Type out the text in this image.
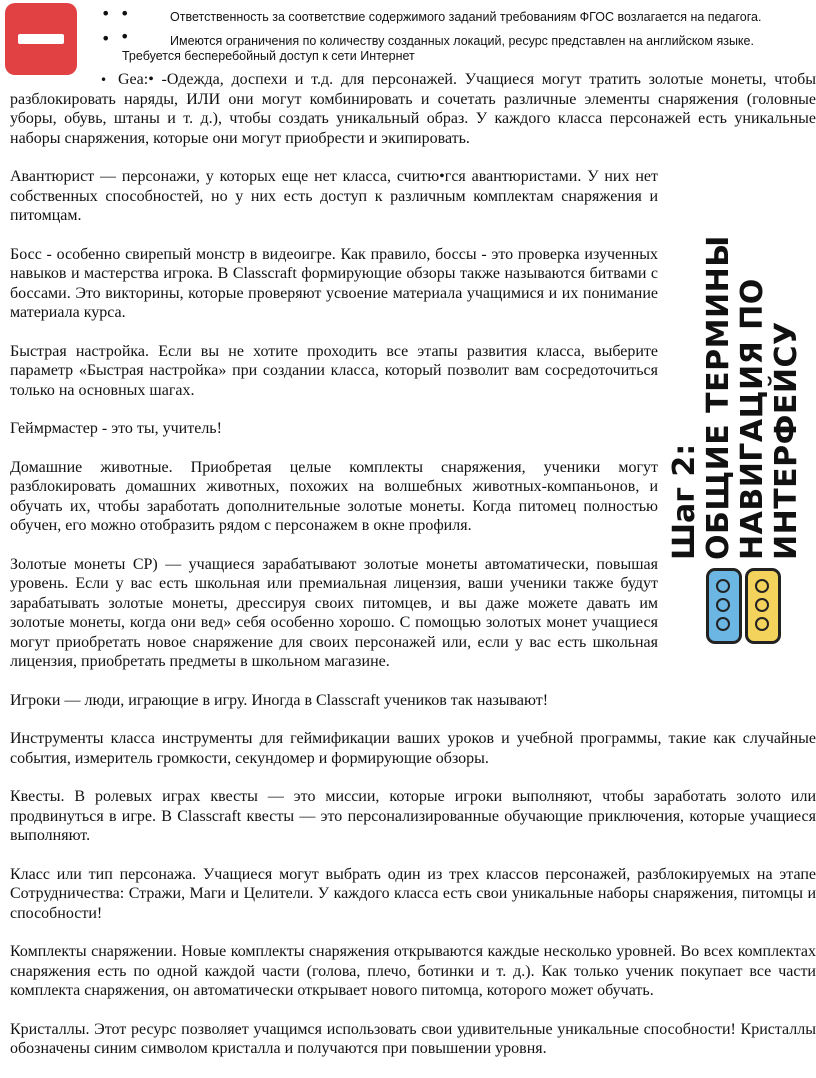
• •	Ответственность за соответствие содержимого заданий требованиям ФГОС возлагается на педагога.
• •	Имеются ограничения по количеству созданных локаций, ресурс представлен на английском языке.
Требуется бесперебойный доступ к сети Интернет
• Gea:• -Одежда, доспехи и т.д. для персонажей. Учащиеся могут тратить золотые монеты, чтобы разблокировать наряды, ИЛИ они могут комбинировать и сочетать различные элементы снаряжения (головные уборы, обувь, штаны и т. д.), чтобы создать уникальный образ. У каждого класса персонажей есть уникальные наборы снаряжения, которые они могут приобрести и экипировать.

Авантюрист — персонажи, у которых еще нет класса, считю•гся авантюристами. У них нет собственных способностей, но у них есть доступ к различным комплектам снаряжения и питомцам.

Босс - особенно свирепый монстр в видеоигре. Как правило, боссы - это проверка изученных навыков и мастерства игрока. В Classcraft формирующие обзоры также называются битвами с боссами. Это викторины, которые проверяют усвоение материала учащимися и их понимание материала курса.

Быстрая настройка. Если вы не хотите проходить все этапы развития класса, выберите параметр «Быстрая настройка» при создании класса, который позволит вам сосредоточиться только на основных шагах.

Геймрмастер - это ты, учитель!

Домашние животные. Приобретая целые комплекты снаряжения, ученики могут разблокировать домашних животных, похожих на волшебных животных-компаньонов, и обучать их, чтобы заработать дополнительные золотые монеты. Когда питомец полностью обучен, его можно отобразить рядом с персонажем в окне профиля.

Золотые монеты СР) — учащиеся зарабатывают золотые монеты автоматически, повышая уровень. Если у вас есть школьная или премиальная лицензия, ваши ученики также будут зарабатывать золотые монеты, дрессируя своих питомцев, и вы даже можете давать им золотые монеты, когда они вед» себя особенно хорошо. С помощью золотых монет учащиеся могут приобретать новое снаряжение для своих персонажей или, если у вас есть школьная лицензия, приобретать предметы в школьном магазине.

Игроки — люди, играющие в игру. Иногда в Classcraft учеников так называют!

Инструменты класса инструменты для геймификации ваших уроков и учебной программы, такие как случайные события, измеритель громкости, секундомер и формирующие обзоры.

Квесты. В ролевых играх квесты — это миссии, которые игроки выполняют, чтобы заработать золото или продвинуться в игре. В Classcraft квесты — это персонализированные обучающие приключения, которые учащиеся выполняют.

Класс или тип персонажа. Учащиеся могут выбрать один из трех классов персонажей, разблокируемых на этапе Сотрудничества: Стражи, Маги и Целители. У каждого класса есть свои уникальные наборы снаряжения, питомцы и способности!

Комплекты снаряжении. Новые комплекты снаряжения открываются каждые несколько уровней. Во всех комплектах снаряжения есть по одной каждой части (голова, плечо, ботинки и т. д.). Как только ученик покупает все части комплекта снаряжения, он автоматически открывает нового питомца, которого может обучать.

Кристаллы. Этот ресурс позволяет учащимся использовать свои удивительные уникальные способности! Кристаллы обозначены синим символом кристалла и получаются при повышении уровня.

Шаг 2: ОБЩИЕ ТЕРМИНЫ НАВИГАЦИЯ ПО ИНТЕРФЕЙСУ
